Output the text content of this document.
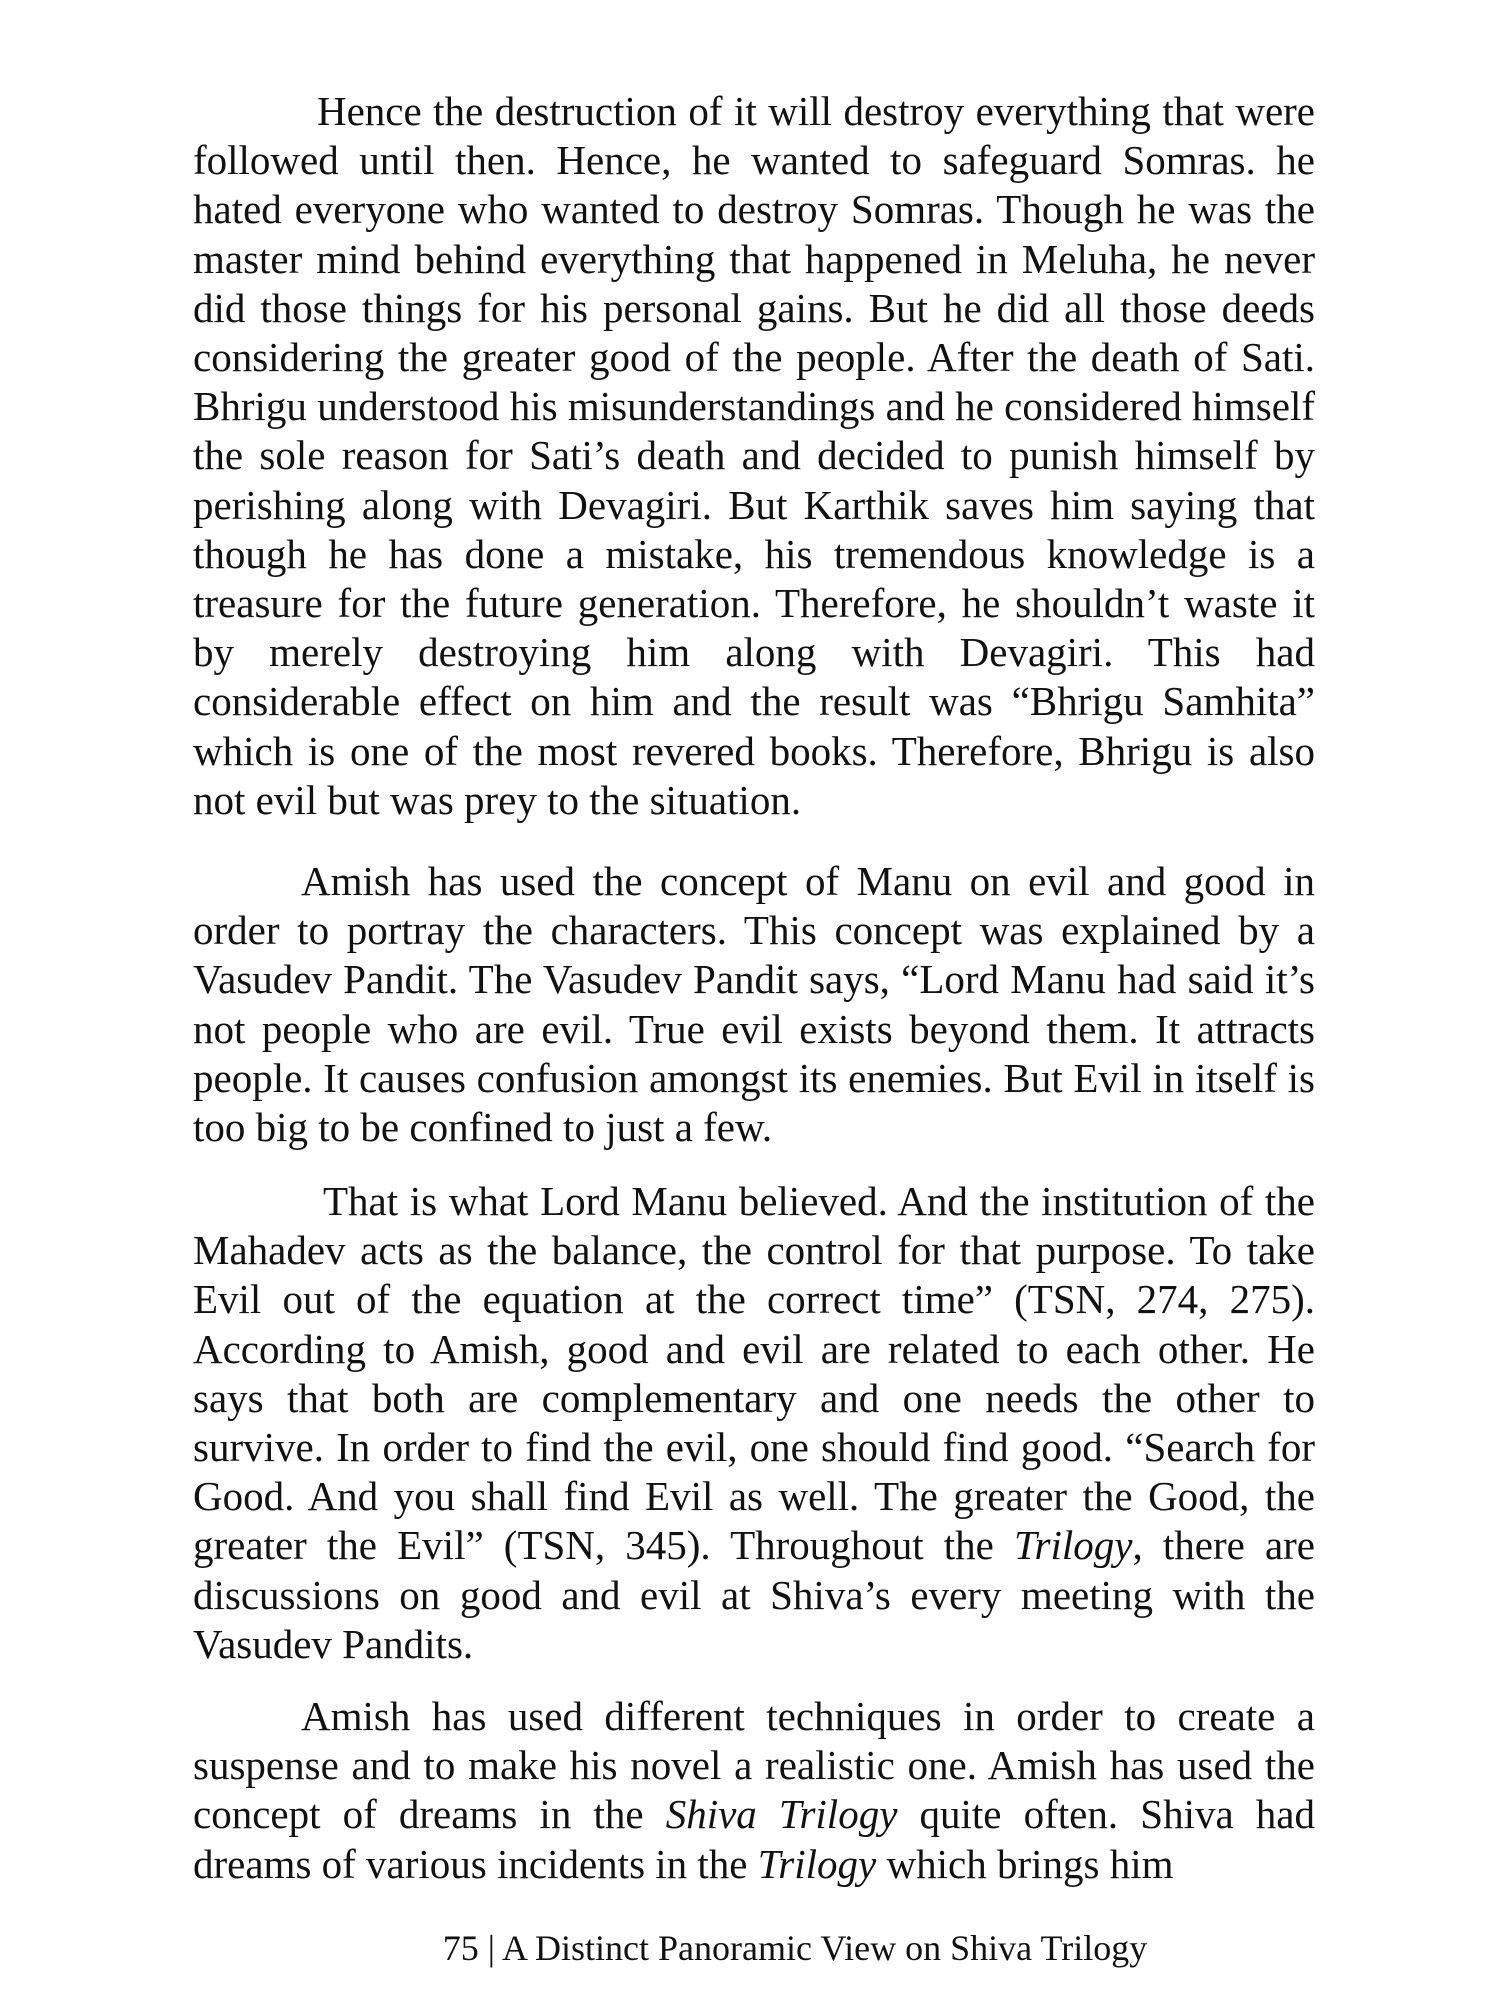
Hence the destruction of it will destroy everything that were followed until then. Hence, he wanted to safeguard Somras. he hated everyone who wanted to destroy Somras. Though he was the master mind behind everything that happened in Meluha, he never did those things for his personal gains. But he did all those deeds considering the greater good of the people. After the death of Sati. Bhrigu understood his misunderstandings and he considered himself the sole reason for Sati’s death and decided to punish himself by perishing along with Devagiri. But Karthik saves him saying that though he has done a mistake, his tremendous knowledge is a treasure for the future generation. Therefore, he shouldn’t waste it by merely destroying him along with Devagiri. This had considerable effect on him and the result was “Bhrigu Samhita” which is one of the most revered books. Therefore, Bhrigu is also not evil but was prey to the situation.

Amish has used the concept of Manu on evil and good in order to portray the characters. This concept was explained by a Vasudev Pandit. The Vasudev Pandit says, “Lord Manu had said it’s not people who are evil. True evil exists beyond them. It attracts people. It causes confusion amongst its enemies. But Evil in itself is too big to be confined to just a few.

That is what Lord Manu believed. And the institution of the Mahadev acts as the balance, the control for that purpose. To take Evil out of the equation at the correct time” (TSN, 274, 275). According to Amish, good and evil are related to each other. He says that both are complementary and one needs the other to survive. In order to find the evil, one should find good. “Search for Good. And you shall find Evil as well. The greater the Good, the greater the Evil” (TSN, 345). Throughout the Trilogy, there are discussions on good and evil at Shiva’s every meeting with the Vasudev Pandits.

Amish has used different techniques in order to create a suspense and to make his novel a realistic one. Amish has used the concept of dreams in the Shiva Trilogy quite often. Shiva had dreams of various incidents in the Trilogy which brings him

75 | A Distinct Panoramic View on Shiva Trilogy
